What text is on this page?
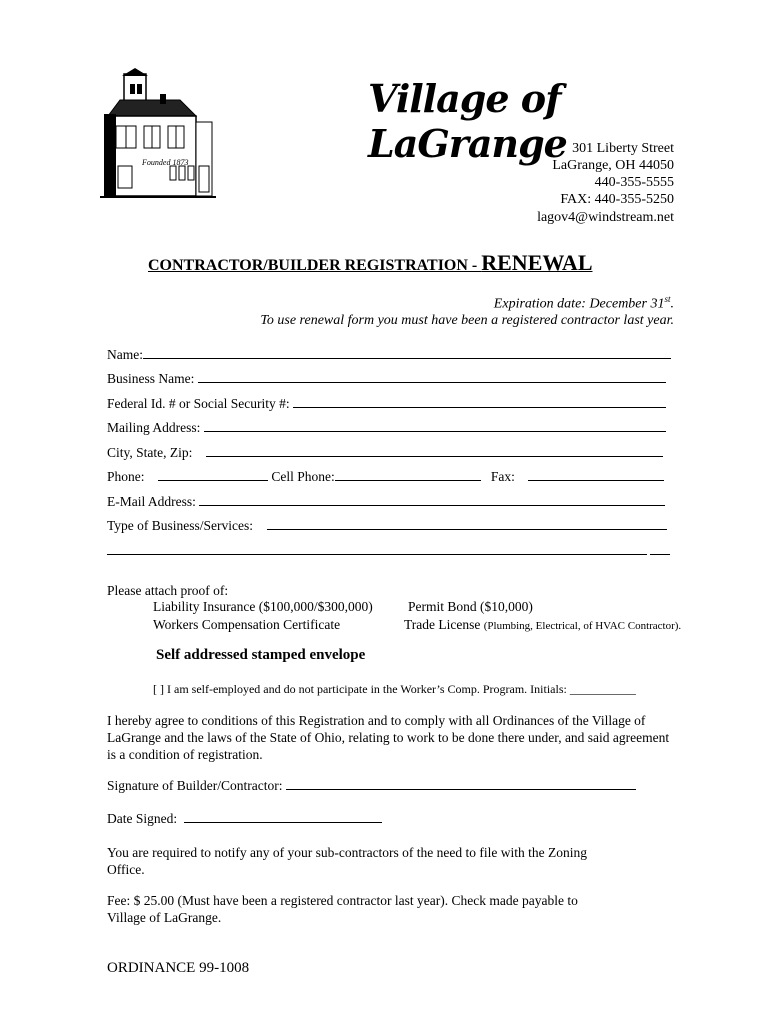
Founded 1873
Village of LaGrange 301 Liberty Street
LaGrange, OH 44050
440-355-5555
FAX: 440-355-5250
lagov4@windstream.net
CONTRACTOR/BUILDER REGISTRATION - RENEWAL
Expiration date: December 31st.
To use renewal form you must have been a registered contractor last year.
Name:
Business Name:
Federal Id. # or Social Security #:
Mailing Address:
City, State, Zip:
Phone:	Cell Phone:	Fax:
E-Mail Address:
Type of Business/Services:

Please attach proof of:
Liability Insurance ($100,000/$300,000)	Permit Bond ($10,000)
Workers Compensation Certificate	Trade License (Plumbing, Electrical, of HVAC Contractor).
Self addressed stamped envelope
[ ] I am self-employed and do not participate in the Worker’s Comp. Program. Initials: ___________
I hereby agree to conditions of this Registration and to comply with all Ordinances of the Village of LaGrange and the laws of the State of Ohio, relating to work to be done there under, and said agreement is a condition of registration.
Signature of Builder/Contractor:
Date Signed:
You are required to notify any of your sub-contractors of the need to file with the Zoning Office.
Fee: $ 25.00 (Must have been a registered contractor last year). Check made payable to Village of LaGrange.
ORDINANCE 99-1008
